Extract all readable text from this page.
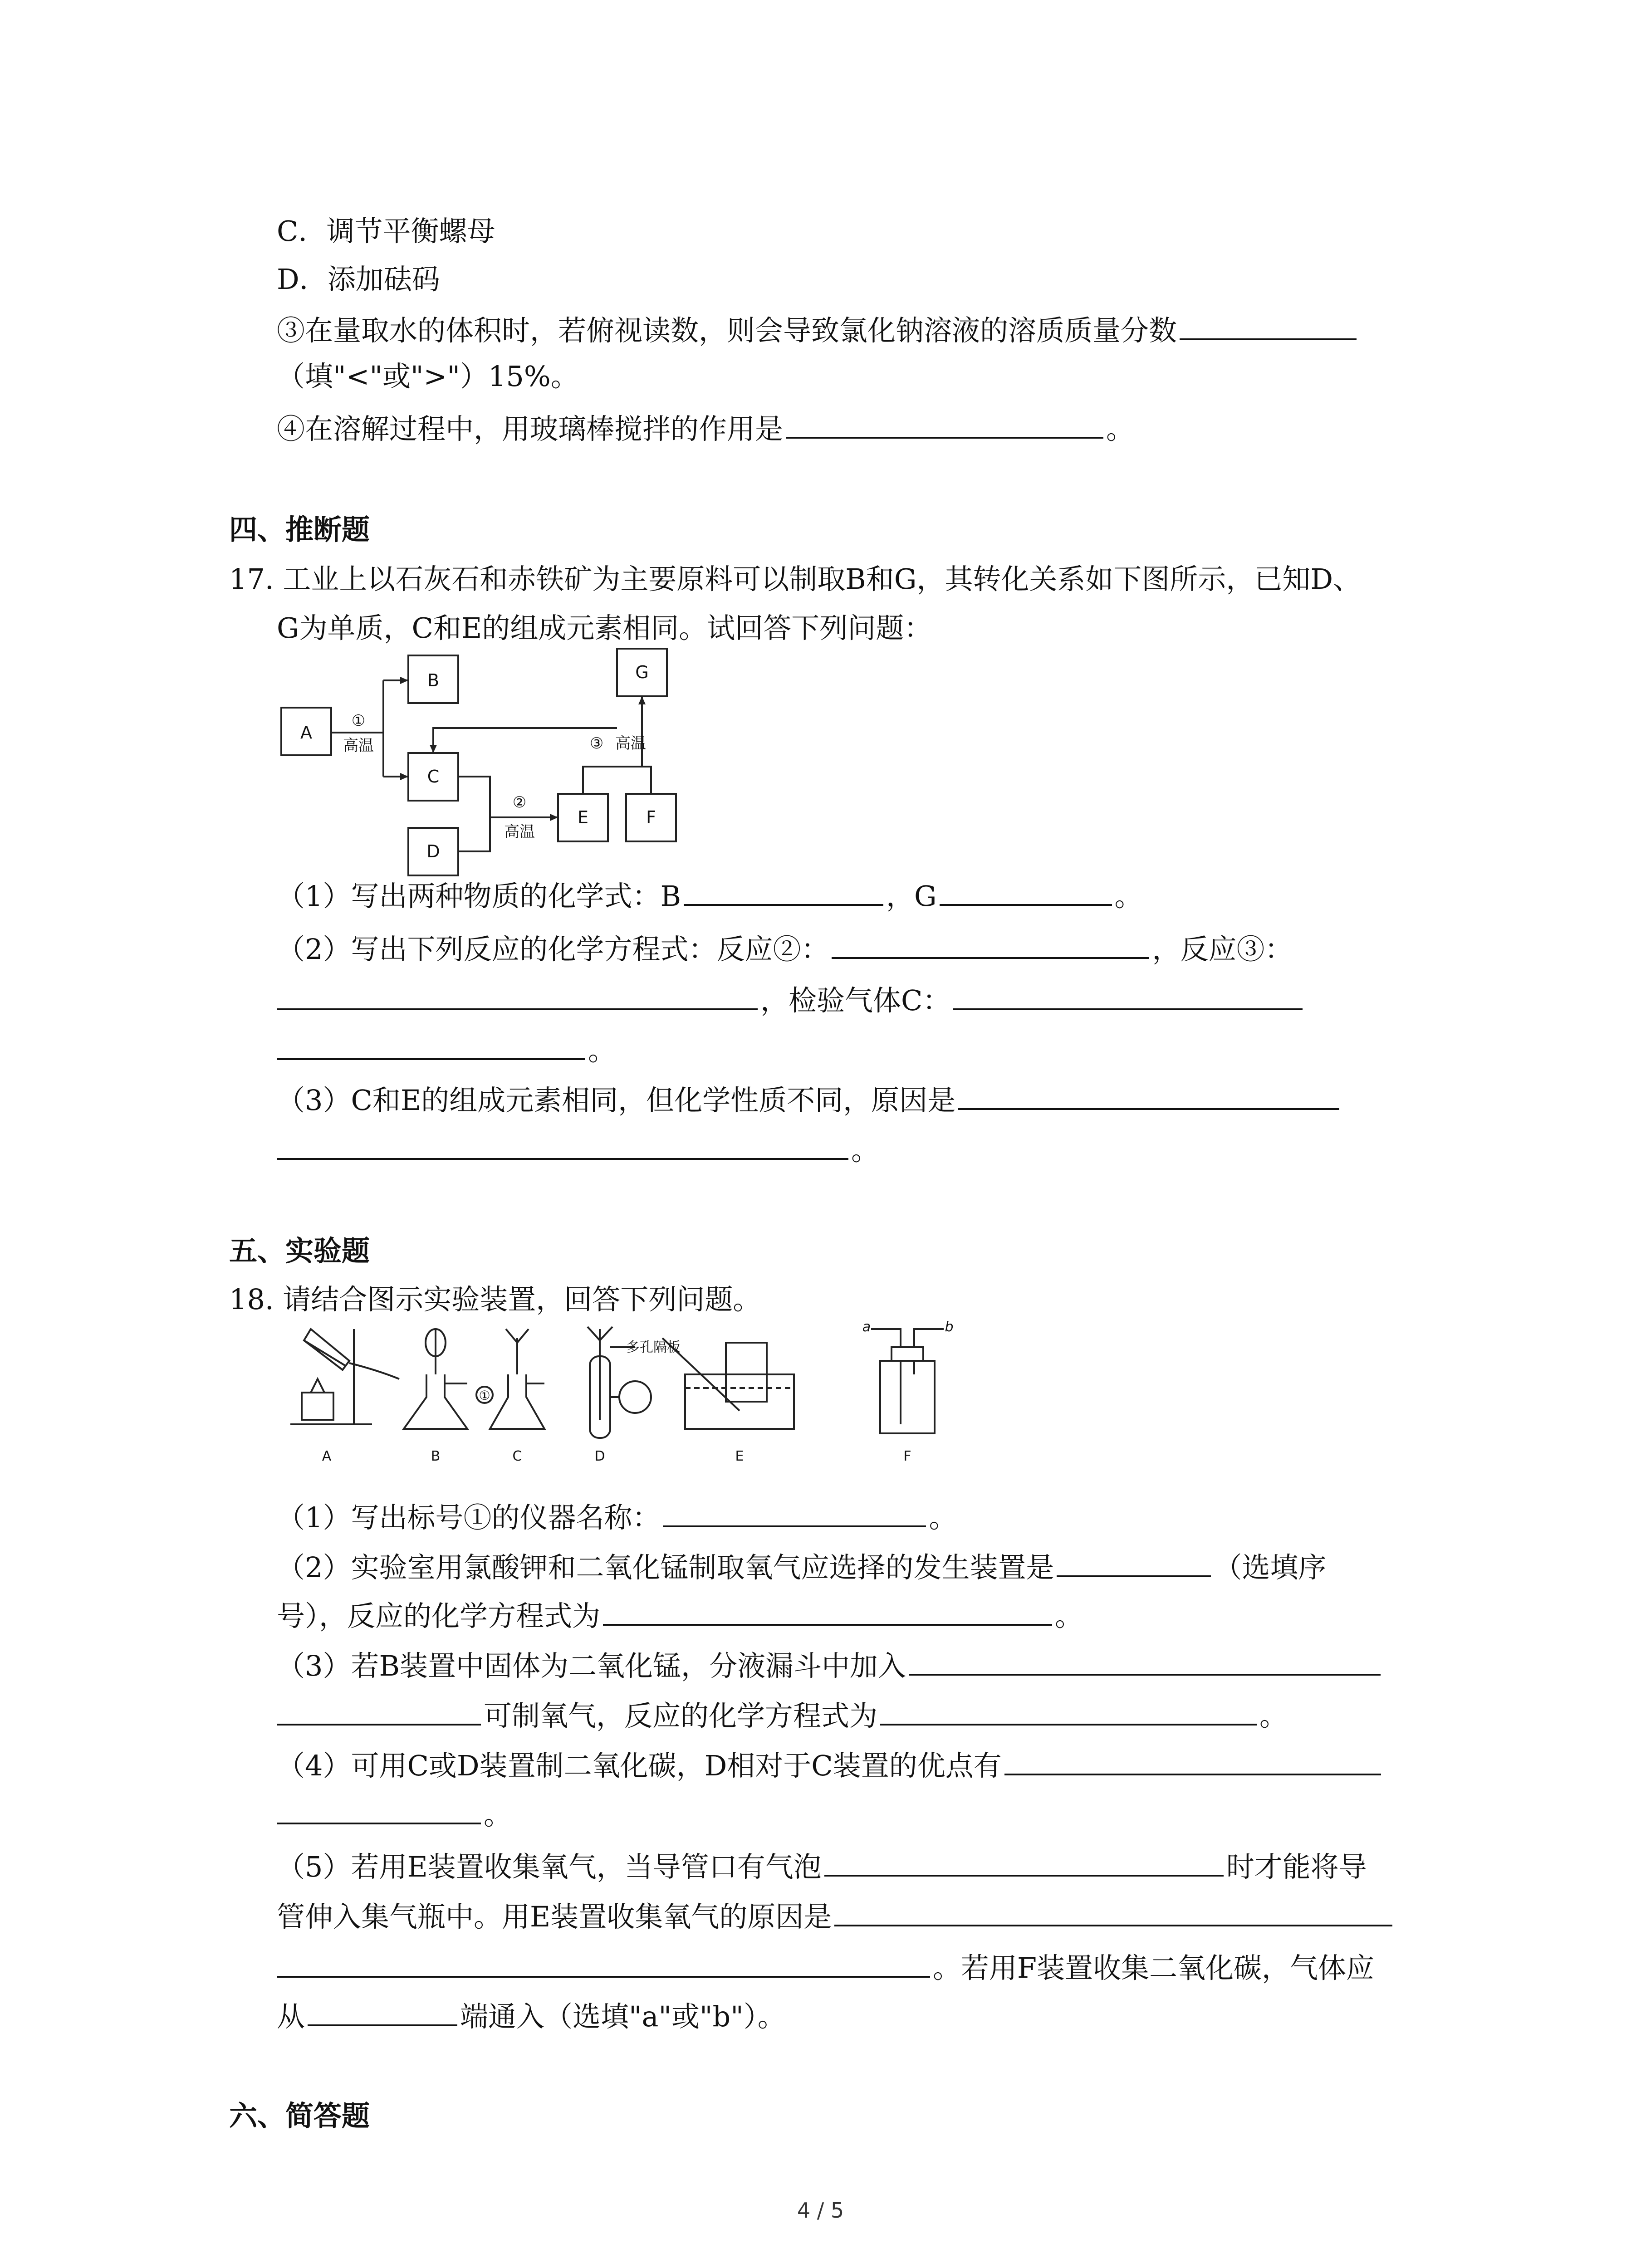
C．调节平衡螺母
D．添加砝码
③在量取水的体积时，若俯视读数，则会导致氯化钠溶液的溶质质量分数
（填"<"或">"）15%。
④在溶解过程中，用玻璃棒搅拌的作用是	。
四、推断题
17. 工业上以石灰石和赤铁矿为主要原料可以制取B和G，其转化关系如下图所示，已知D、
G为单质，C和E的组成元素相同。试回答下列问题：
A
B
C
D
E	F
G
①
高温
②
高温
③ 高温
（1）写出两种物质的化学式：B	，G	。
（2）写出下列反应的化学方程式：反应②：	，反应③：
，检验气体C：
。
（3）C和E的组成元素相同，但化学性质不同，原因是
。
五、实验题
18. 请结合图示实验装置，回答下列问题。
A	B	C	D	E	F
①
多孔隔板
a	b
（1）写出标号①的仪器名称：	。
（2）实验室用氯酸钾和二氧化锰制取氧气应选择的发生装置是	（选填序
号），反应的化学方程式为	。
（3）若B装置中固体为二氧化锰，分液漏斗中加入
可制氧气，反应的化学方程式为	。
（4）可用C或D装置制二氧化碳，D相对于C装置的优点有
。
（5）若用E装置收集氧气，当导管口有气泡	时才能将导
管伸入集气瓶中。用E装置收集氧气的原因是
。若用F装置收集二氧化碳，气体应
从	端通入（选填"a"或"b"）。
六、简答题
4 / 5
